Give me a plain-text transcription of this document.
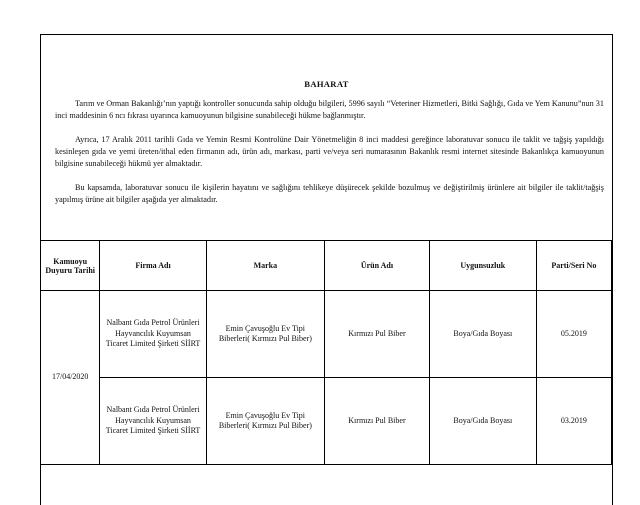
BAHARAT
Tarım ve Orman Bakanlığı’nın yaptığı kontroller sonucunda sahip olduğu bilgileri, 5996 sayılı “Veteriner Hizmetleri, Bitki Sağlığı, Gıda ve Yem Kanunu”nun 31 inci maddesinin 6 ncı fıkrası uyarınca kamuoyunun bilgisine sunabileceği hükme bağlanmıştır.
Ayrıca, 17 Aralık 2011 tarihli Gıda ve Yemin Resmi Kontrolüne Dair Yönetmeliğin 8 inci maddesi gereğince laboratuvar sonucu ile taklit ve tağşiş yapıldığı kesinleşen gıda ve yemi üreten/ithal eden firmanın adı, ürün adı, markası, parti ve/veya seri numarasının Bakanlık resmi internet sitesinde Bakanlıkça kamuoyunun bilgisine sunabileceği hükmü yer almaktadır.
Bu kapsamda, laboratuvar sonucu ile kişilerin hayatını ve sağlığını tehlikeye düşürecek şekilde bozulmuş ve değiştirilmiş ürünlere ait bilgiler ile taklit/tağşiş yapılmış ürüne ait bilgiler aşağıda yer almaktadır.
Kamuoyu Duyuru Tarihi	Firma Adı	Marka	Ürün Adı	Uygunsuzluk	Parti/Seri No
17/04/2020	Nalbant Gıda Petrol Ürünleri Hayvancılık Kuyumsan Ticaret Limited Şirketi SİİRT	Emin Çavuşoğlu Ev Tipi Biberleri( Kırmızı Pul Biber)	Kırmızı Pul Biber	Boya/Gıda Boyası	05.2019
	Nalbant Gıda Petrol Ürünleri Hayvancılık Kuyumsan Ticaret Limited Şirketi SİİRT	Emin Çavuşoğlu Ev Tipi Biberleri( Kırmızı Pul Biber)	Kırmızı Pul Biber	Boya/Gıda Boyası	03.2019
